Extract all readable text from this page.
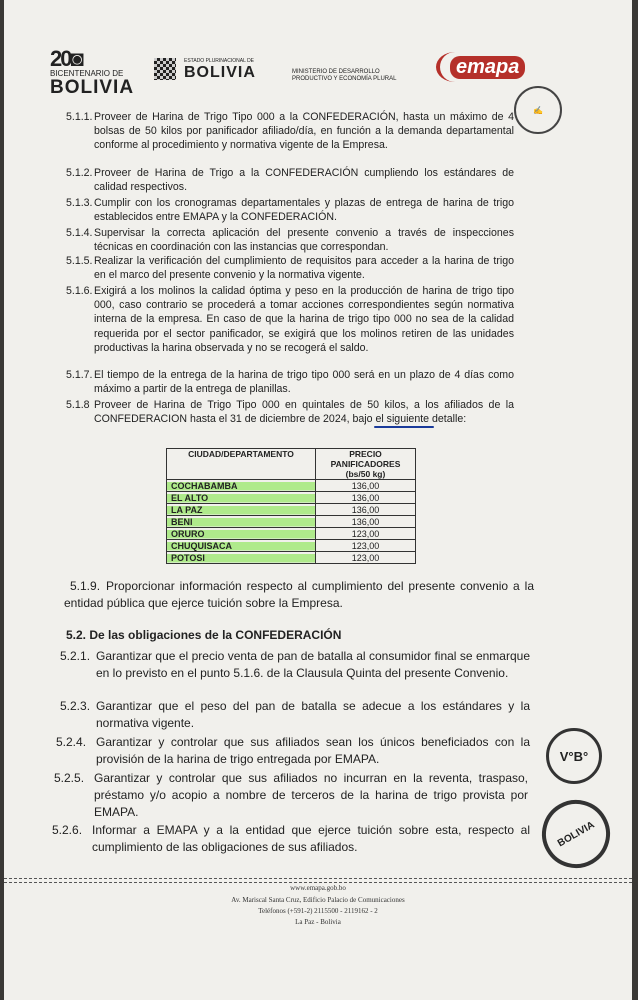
20◙
BICENTENARIO DE
BOLIVIA
ESTADO PLURINACIONAL DE
BOLIVIA	MINISTERIO DE DESARROLLO
PRODUCTIVO Y ECONOMÍA PLURAL
emapa
✍
5.1.1. Proveer de Harina de Trigo Tipo 000 a la CONFEDERACIÓN, hasta un máximo de 4 bolsas de 50 kilos por panificador afiliado/día, en función a la demanda departamental conforme al procedimiento y normativa vigente de la Empresa.
5.1.2. Proveer de Harina de Trigo a la CONFEDERACIÓN cumpliendo los estándares de calidad respectivos.
5.1.3. Cumplir con los cronogramas departamentales y plazas de entrega de harina de trigo establecidos entre EMAPA y la CONFEDERACIÓN.
5.1.4. Supervisar la correcta aplicación del presente convenio a través de inspecciones técnicas en coordinación con las instancias que correspondan.
5.1.5. Realizar la verificación del cumplimiento de requisitos para acceder a la harina de trigo en el marco del presente convenio y la normativa vigente.
5.1.6. Exigirá a los molinos la calidad óptima y peso en la producción de harina de trigo tipo 000, caso contrario se procederá a tomar acciones correspondientes según normativa interna de la empresa. En caso de que la harina de trigo tipo 000 no sea de la calidad requerida por el sector panificador, se exigirá que los molinos retiren de las unidades productivas la harina observada y no se recogerá el saldo.
5.1.7. El tiempo de la entrega de la harina de trigo tipo 000 será en un plazo de 4 días como máximo a partir de la entrega de planillas.
5.1.8 Proveer de Harina de Trigo Tipo 000 en quintales de 50 kilos, a los afiliados de la CONFEDERACION hasta el 31 de diciembre de 2024, bajo el siguiente detalle:
CIUDAD/DEPARTAMENTO	PRECIO
PANIFICADORES
(bs/50 kg)

COCHABAMBA	136,00
EL ALTO	136,00
LA PAZ	136,00
BENI	136,00
ORURO	123,00
CHUQUISACA	123,00
POTOSI	123,00
5.1.9. Proporcionar información respecto al cumplimiento del presente convenio a la entidad pública que ejerce tuición sobre la Empresa.
5.2. De las obligaciones de la CONFEDERACIÓN
5.2.1. Garantizar que el precio venta de pan de batalla al consumidor final se enmarque en lo previsto en el punto 5.1.6. de la Clausula Quinta del presente Convenio.
5.2.3. Garantizar que el peso del pan de batalla se adecue a los estándares y la normativa vigente.
5.2.4. Garantizar y controlar que sus afiliados sean los únicos beneficiados con la provisión de la harina de trigo entregada por EMAPA.
5.2.5. Garantizar y controlar que sus afiliados no incurran en la reventa, traspaso, préstamo y/o acopio a nombre de terceros de la harina de trigo provista por EMAPA.
5.2.6. Informar a EMAPA y a la entidad que ejerce tuición sobre esta, respecto al cumplimiento de las obligaciones de sus afiliados.
V°B°
BOLIVIA
www.emapa.gob.bo
Av. Mariscal Santa Cruz, Edificio Palacio de Comunicaciones
Teléfonos (+591-2) 2115500 - 2119162 - 2
La Paz - Bolivia
